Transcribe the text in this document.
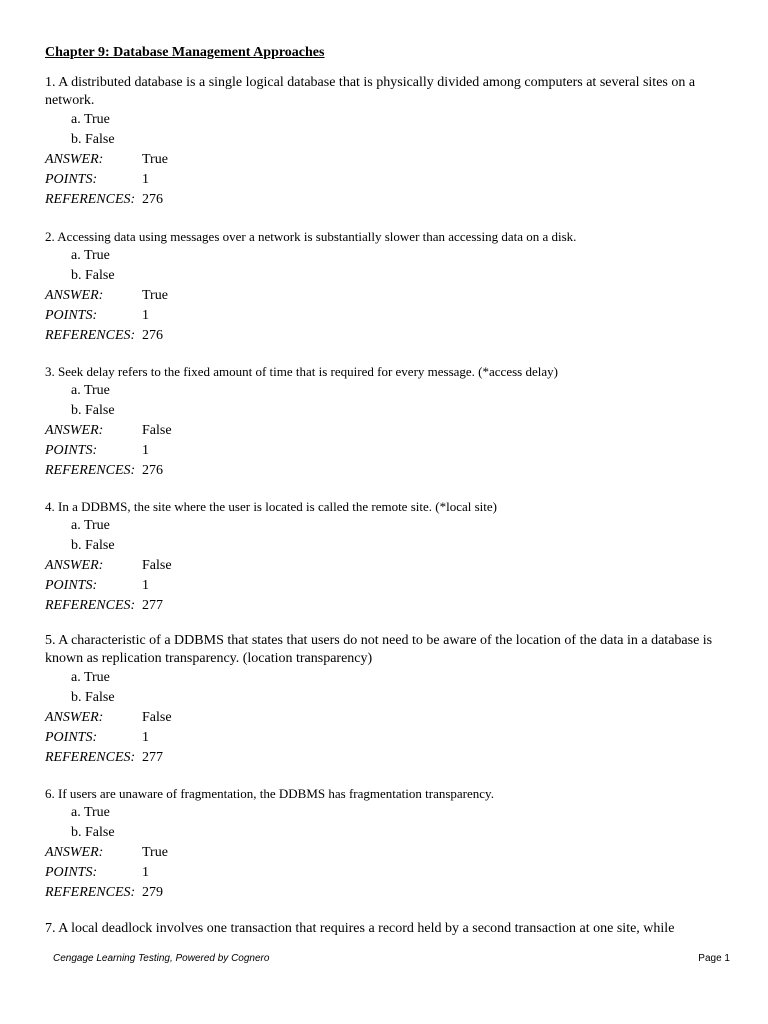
Chapter 9: Database Management Approaches
1. A distributed database is a single logical database that is physically divided among computers at several sites on a network.
a. True
b. False
ANSWER:	True
POINTS:	1
REFERENCES: 276
2. Accessing data using messages over a network is substantially slower than accessing data on a disk.
a. True
b. False
ANSWER:	True
POINTS:	1
REFERENCES: 276
3. Seek delay refers to the fixed amount of time that is required for every message. (*access delay)
a. True
b. False
ANSWER:	False
POINTS:	1
REFERENCES: 276
4. In a DDBMS, the site where the user is located is called the remote site. (*local site)
a. True
b. False
ANSWER:	False
POINTS:	1
REFERENCES: 277
5. A characteristic of a DDBMS that states that users do not need to be aware of the location of the data in a database is known as replication transparency. (location transparency)
a. True
b. False
ANSWER:	False
POINTS:	1
REFERENCES: 277
6. If users are unaware of fragmentation, the DDBMS has fragmentation transparency.
a. True
b. False
ANSWER:	True
POINTS:	1
REFERENCES: 279
7. A local deadlock involves one transaction that requires a record held by a second transaction at one site, while
Cengage Learning Testing, Powered by Cognero	Page 1
